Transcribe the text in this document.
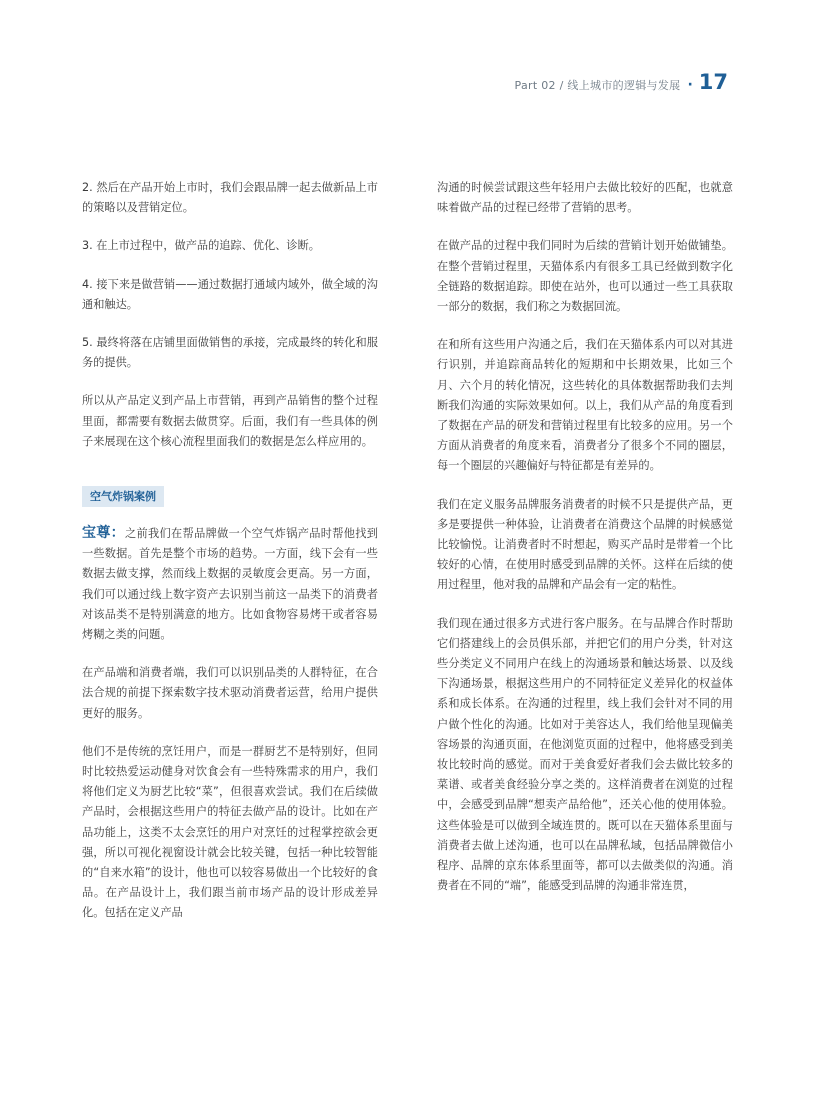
Part 02 / 线上城市的逻辑与发展 · 17

2. 然后在产品开始上市时，我们会跟品牌一起去做新品上市的策略以及营销定位。

3. 在上市过程中，做产品的追踪、优化、诊断。

4. 接下来是做营销——通过数据打通域内域外，做全域的沟通和触达。

5. 最终将落在店铺里面做销售的承接，完成最终的转化和服务的提供。

所以从产品定义到产品上市营销，再到产品销售的整个过程里面，都需要有数据去做贯穿。后面，我们有一些具体的例子来展现在这个核心流程里面我们的数据是怎么样应用的。

空气炸锅案例

宝尊：之前我们在帮品牌做一个空气炸锅产品时帮他找到一些数据。首先是整个市场的趋势。一方面，线下会有一些数据去做支撑，然而线上数据的灵敏度会更高。另一方面，我们可以通过线上数字资产去识别当前这一品类下的消费者对该品类不是特别满意的地方。比如食物容易烤干或者容易烤糊之类的问题。

在产品端和消费者端，我们可以识别品类的人群特征，在合法合规的前提下探索数字技术驱动消费者运营，给用户提供更好的服务。

他们不是传统的烹饪用户，而是一群厨艺不是特别好，但同时比较热爱运动健身对饮食会有一些特殊需求的用户，我们将他们定义为厨艺比较“菜”，但很喜欢尝试。我们在后续做产品时，会根据这些用户的特征去做产品的设计。比如在产品功能上，这类不太会烹饪的用户对烹饪的过程掌控欲会更强，所以可视化视窗设计就会比较关键，包括一种比较智能的“自来水箱”的设计，他也可以较容易做出一个比较好的食品。在产品设计上，我们跟当前市场产品的设计形成差异化。包括在定义产品

沟通的时候尝试跟这些年轻用户去做比较好的匹配，也就意味着做产品的过程已经带了营销的思考。

在做产品的过程中我们同时为后续的营销计划开始做铺垫。在整个营销过程里，天猫体系内有很多工具已经做到数字化全链路的数据追踪。即使在站外，也可以通过一些工具获取一部分的数据，我们称之为数据回流。

在和所有这些用户沟通之后，我们在天猫体系内可以对其进行识别，并追踪商品转化的短期和中长期效果，比如三个月、六个月的转化情况，这些转化的具体数据帮助我们去判断我们沟通的实际效果如何。以上，我们从产品的角度看到了数据在产品的研发和营销过程里有比较多的应用。另一个方面从消费者的角度来看，消费者分了很多个不同的圈层，每一个圈层的兴趣偏好与特征都是有差异的。

我们在定义服务品牌服务消费者的时候不只是提供产品，更多是要提供一种体验，让消费者在消费这个品牌的时候感觉比较愉悦。让消费者时不时想起，购买产品时是带着一个比较好的心情，在使用时感受到品牌的关怀。这样在后续的使用过程里，他对我的品牌和产品会有一定的粘性。

我们现在通过很多方式进行客户服务。在与品牌合作时帮助它们搭建线上的会员俱乐部，并把它们的用户分类，针对这些分类定义不同用户在线上的沟通场景和触达场景、以及线下沟通场景，根据这些用户的不同特征定义差异化的权益体系和成长体系。在沟通的过程里，线上我们会针对不同的用户做个性化的沟通。比如对于美容达人，我们给他呈现偏美容场景的沟通页面，在他浏览页面的过程中，他将感受到美妆比较时尚的感觉。而对于美食爱好者我们会去做比较多的菜谱、或者美食经验分享之类的。这样消费者在浏览的过程中，会感受到品牌“想卖产品给他”，还关心他的使用体验。这些体验是可以做到全域连贯的。既可以在天猫体系里面与消费者去做上述沟通，也可以在品牌私域，包括品牌微信小程序、品牌的京东体系里面等，都可以去做类似的沟通。消费者在不同的“端”，能感受到品牌的沟通非常连贯，
